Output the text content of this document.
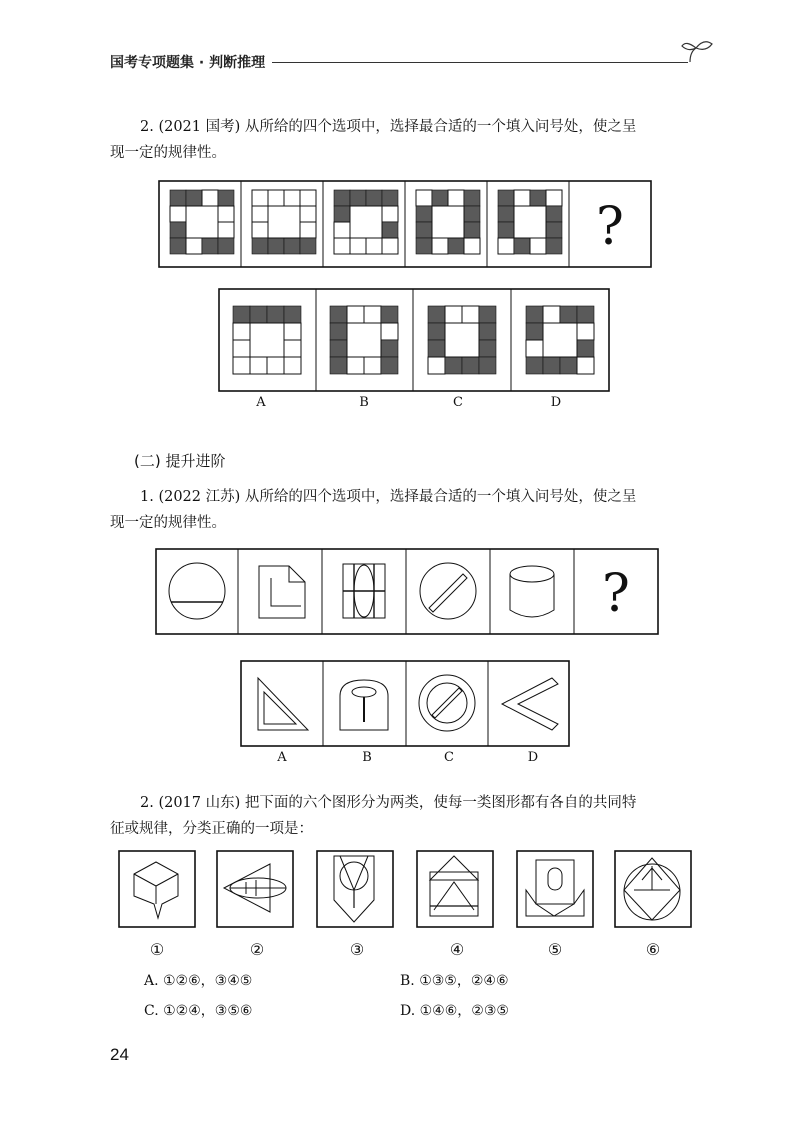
国考专项题集 · 判断推理
2. (2021 国考) 从所给的四个选项中，选择最合适的一个填入问号处，使之呈
现一定的规律性。
?
A	B	C	D
(二) 提升进阶
1. (2022 江苏) 从所给的四个选项中，选择最合适的一个填入问号处，使之呈
现一定的规律性。
?
A	B	C	D
2. (2017 山东) 把下面的六个图形分为两类，使每一类图形都有各自的共同特
征或规律，分类正确的一项是：
①	②	③	④	⑤	⑥
A. ①②⑥，③④⑤	B. ①③⑤，②④⑥
C. ①②④，③⑤⑥	D. ①④⑥，②③⑤
24
